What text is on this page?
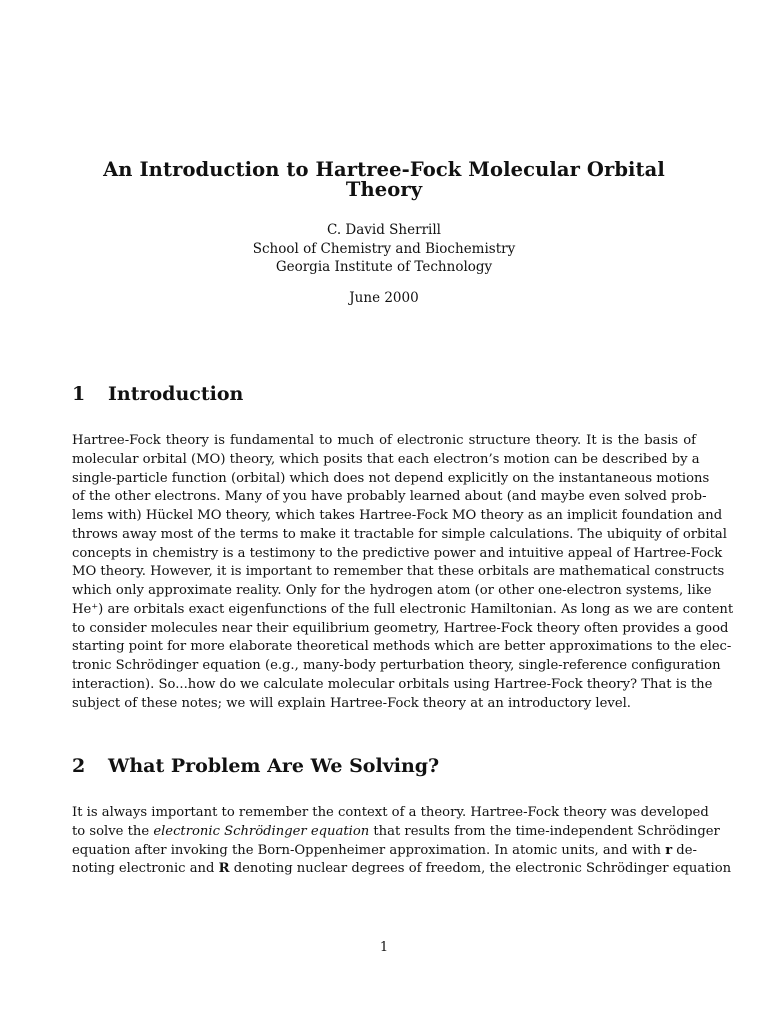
An Introduction to Hartree-Fock Molecular Orbital
Theory
C. David Sherrill
School of Chemistry and Biochemistry
Georgia Institute of Technology
June 2000
1 Introduction
Hartree-Fock theory is fundamental to much of electronic structure theory. It is the basis of
molecular orbital (MO) theory, which posits that each electron’s motion can be described by a
single-particle function (orbital) which does not depend explicitly on the instantaneous motions
of the other electrons. Many of you have probably learned about (and maybe even solved prob-
lems with) Hückel MO theory, which takes Hartree-Fock MO theory as an implicit foundation and
throws away most of the terms to make it tractable for simple calculations. The ubiquity of orbital
concepts in chemistry is a testimony to the predictive power and intuitive appeal of Hartree-Fock
MO theory. However, it is important to remember that these orbitals are mathematical constructs
which only approximate reality. Only for the hydrogen atom (or other one-electron systems, like
He⁺) are orbitals exact eigenfunctions of the full electronic Hamiltonian. As long as we are content
to consider molecules near their equilibrium geometry, Hartree-Fock theory often provides a good
starting point for more elaborate theoretical methods which are better approximations to the elec-
tronic Schrödinger equation (e.g., many-body perturbation theory, single-reference configuration
interaction). So...how do we calculate molecular orbitals using Hartree-Fock theory? That is the
subject of these notes; we will explain Hartree-Fock theory at an introductory level.
2 What Problem Are We Solving?
It is always important to remember the context of a theory. Hartree-Fock theory was developed
to solve the electronic Schrödinger equation that results from the time-independent Schrödinger
equation after invoking the Born-Oppenheimer approximation. In atomic units, and with r de-
noting electronic and R denoting nuclear degrees of freedom, the electronic Schrödinger equation
1
